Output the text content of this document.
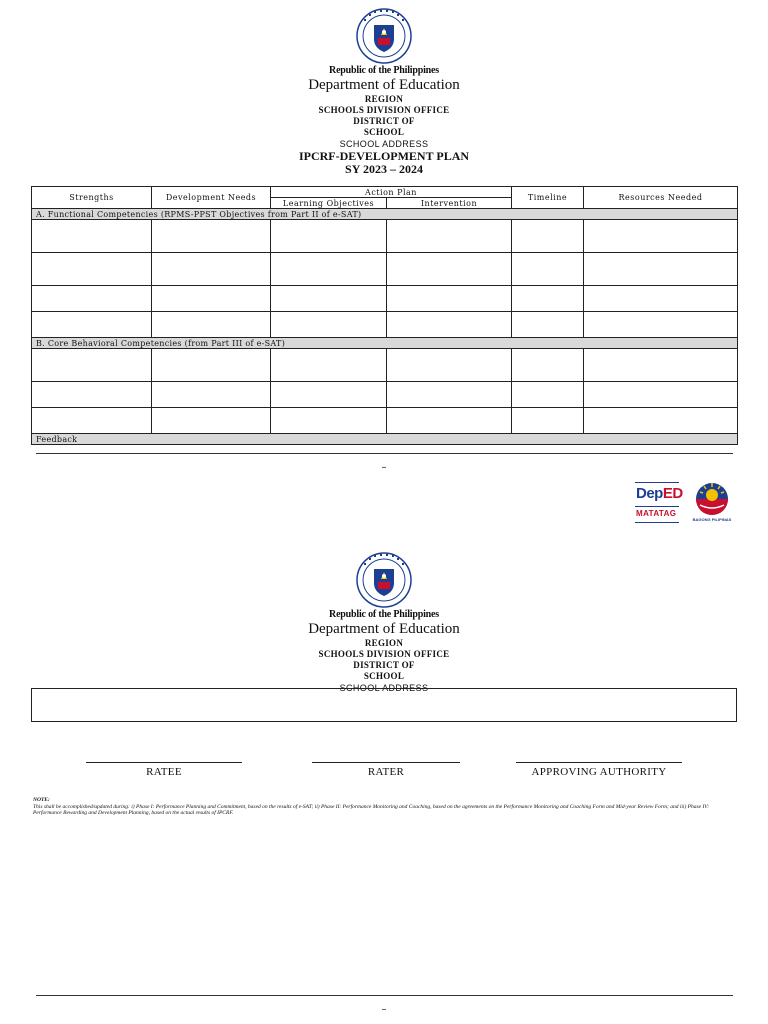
Republic of the Philippines
Department of Education
REGION
SCHOOLS DIVISION OFFICE
DISTRICT OF
SCHOOL
SCHOOL ADDRESS
IPCRF-DEVELOPMENT PLAN
SY 2023 – 2024
Strengths	Development Needs	Action Plan		Timeline	Resources Needed
		Learning Objectives	Intervention		
A. Functional Competencies (RPMS-PPST Objectives from Part II of e-SAT)					

B. Core Behavioral Competencies (from Part III of e-SAT)					

Feedback					
–
DepED
MATATAG
BAGONG PILIPINAS
Republic of the Philippines
Department of Education
REGION
SCHOOLS DIVISION OFFICE
DISTRICT OF
SCHOOL
SCHOOL ADDRESS
RATEE	RATER	APPROVING AUTHORITY
NOTE:
This shall be accomplished/updated during: i) Phase I: Performance Planning and Commitment, based on the results of e-SAT; ii) Phase II: Performance Monitoring and Coaching, based on the agreements on the Performance Monitoring and Coaching Form and Mid-year Review Form; and iii) Phase IV: Performance Rewarding and Development Planning, based on the actual results of IPCRF.
–
